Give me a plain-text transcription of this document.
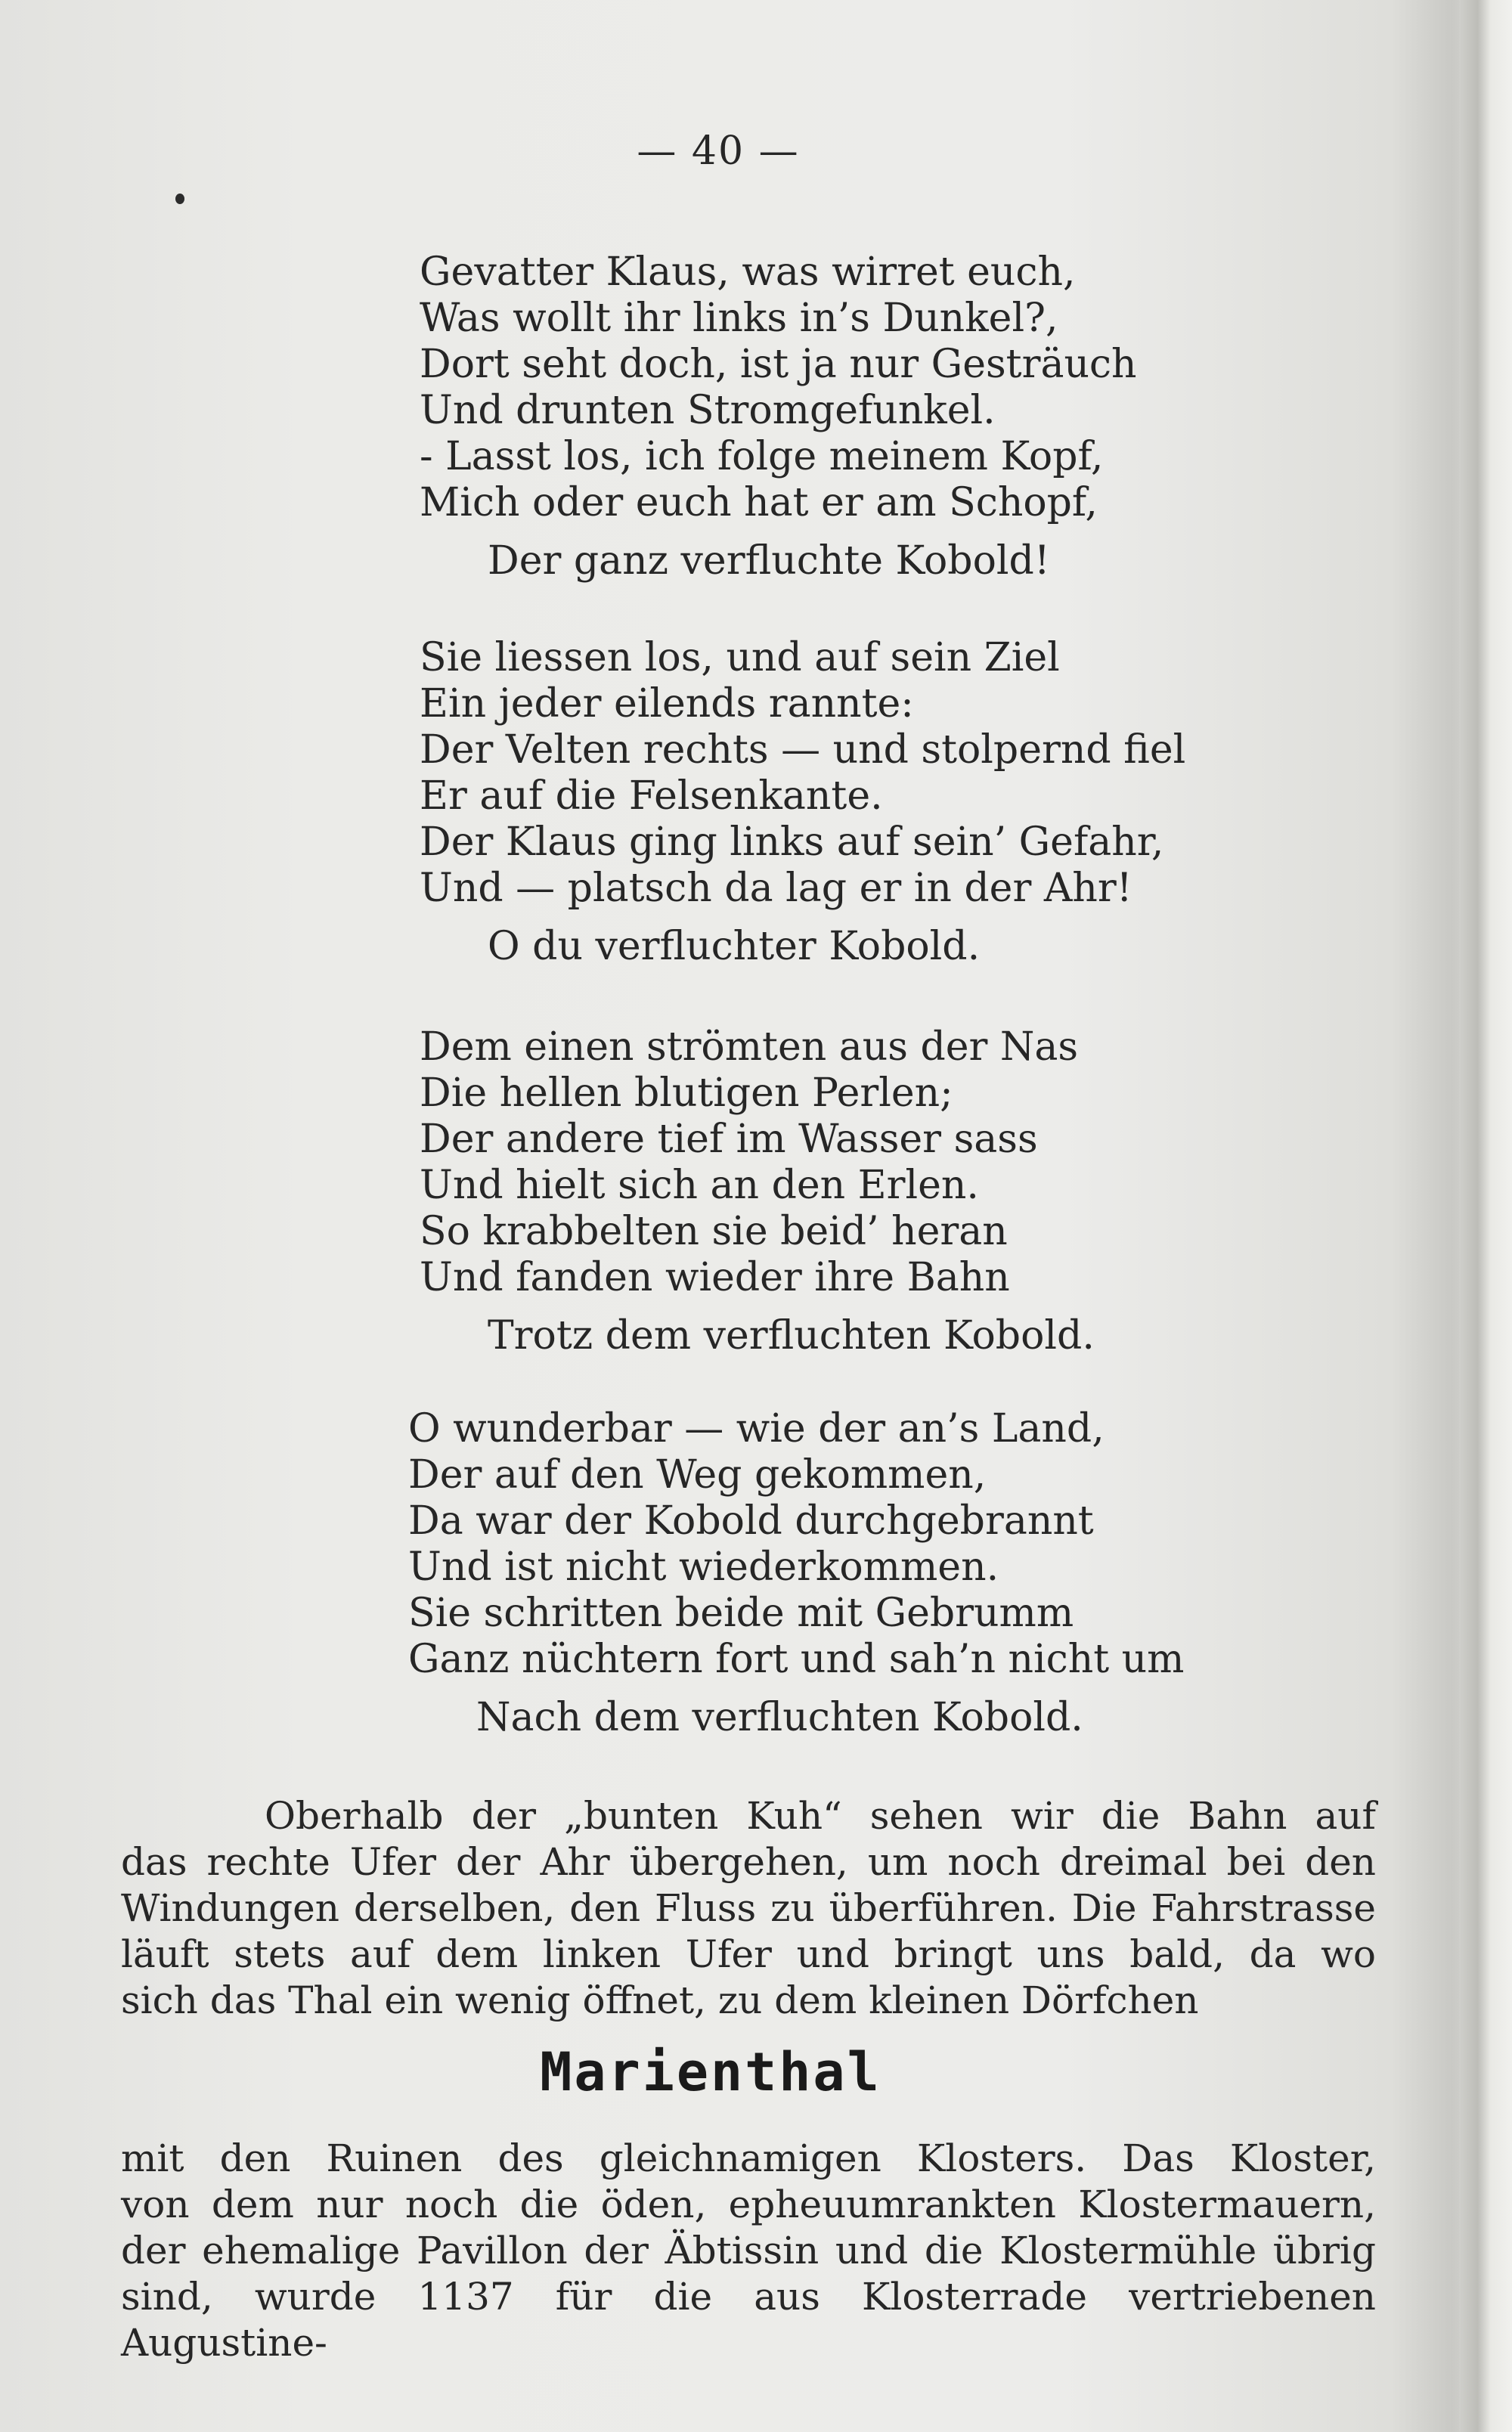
— 40 —
Gevatter Klaus, was wirret euch,
Was wollt ihr links in’s Dunkel?,
Dort seht doch, ist ja nur Gesträuch
Und drunten Stromgefunkel.
- Lasst los, ich folge meinem Kopf,
Mich oder euch hat er am Schopf,
Der ganz verfluchte Kobold!
Sie liessen los, und auf sein Ziel
Ein jeder eilends rannte:
Der Velten rechts — und stolpernd fiel
Er auf die Felsenkante.
Der Klaus ging links auf sein’ Gefahr,
Und — platsch da lag er in der Ahr!
O du verfluchter Kobold.
Dem einen strömten aus der Nas
Die hellen blutigen Perlen;
Der andere tief im Wasser sass
Und hielt sich an den Erlen.
So krabbelten sie beid’ heran
Und fanden wieder ihre Bahn
Trotz dem verfluchten Kobold.
O wunderbar — wie der an’s Land,
Der auf den Weg gekommen,
Da war der Kobold durchgebrannt
Und ist nicht wiederkommen.
Sie schritten beide mit Gebrumm
Ganz nüchtern fort und sah’n nicht um
Nach dem verfluchten Kobold.

Oberhalb der „bunten Kuh“ sehen wir die Bahn auf

das rechte Ufer der Ahr übergehen, um noch dreimal bei den

Windungen derselben, den Fluss zu überführen. Die Fahrstrasse

läuft stets auf dem linken Ufer und bringt uns bald, da wo

sich das Thal ein wenig öffnet, zu dem kleinen Dörfchen

Marienthal

mit den Ruinen des gleichnamigen Klosters. Das Kloster,

von dem nur noch die öden, epheuumrankten Klostermauern,

der ehemalige Pavillon der Äbtissin und die Klostermühle übrig

sind, wurde 1137 für die aus Klosterrade vertriebenen Augustine-
